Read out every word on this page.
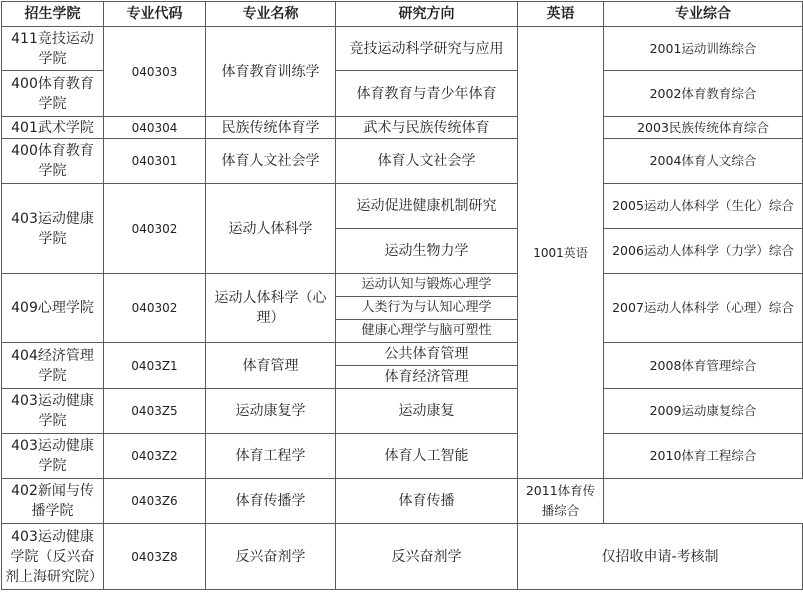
招生学院	专业代码	专业名称	研究方向	英语	专业综合
411竞技运动学院	040303	体育教育训练学	竞技运动科学研究与应用	1001英语	2001运动训练综合
400体育教育学院			体育教育与青少年体育		2002体育教育综合
401武术学院	040304	民族传统体育学	武术与民族传统体育		2003民族传统体育综合
400体育教育学院	040301	体育人文社会学	体育人文社会学		2004体育人文综合
403运动健康学院	040302	运动人体科学	运动促进健康机制研究		2005运动人体科学（生化）综合
			运动生物力学		2006运动人体科学（力学）综合
409心理学院	040302	运动人体科学（心理）	运动认知与锻炼心理学		2007运动人体科学（心理）综合
			人类行为与认知心理学		
			健康心理学与脑可塑性		
404经济管理学院	0403Z1	体育管理	公共体育管理		2008体育管理综合
			体育经济管理		
403运动健康学院	0403Z5	运动康复学	运动康复		2009运动康复综合
403运动健康学院	0403Z2	体育工程学	体育人工智能		2010体育工程综合
402新闻与传播学院	0403Z6	体育传播学	体育传播	2011体育传播综合	
403运动健康学院（反兴奋剂上海研究院）	0403Z8	反兴奋剂学	反兴奋剂学	仅招收申请-考核制	
